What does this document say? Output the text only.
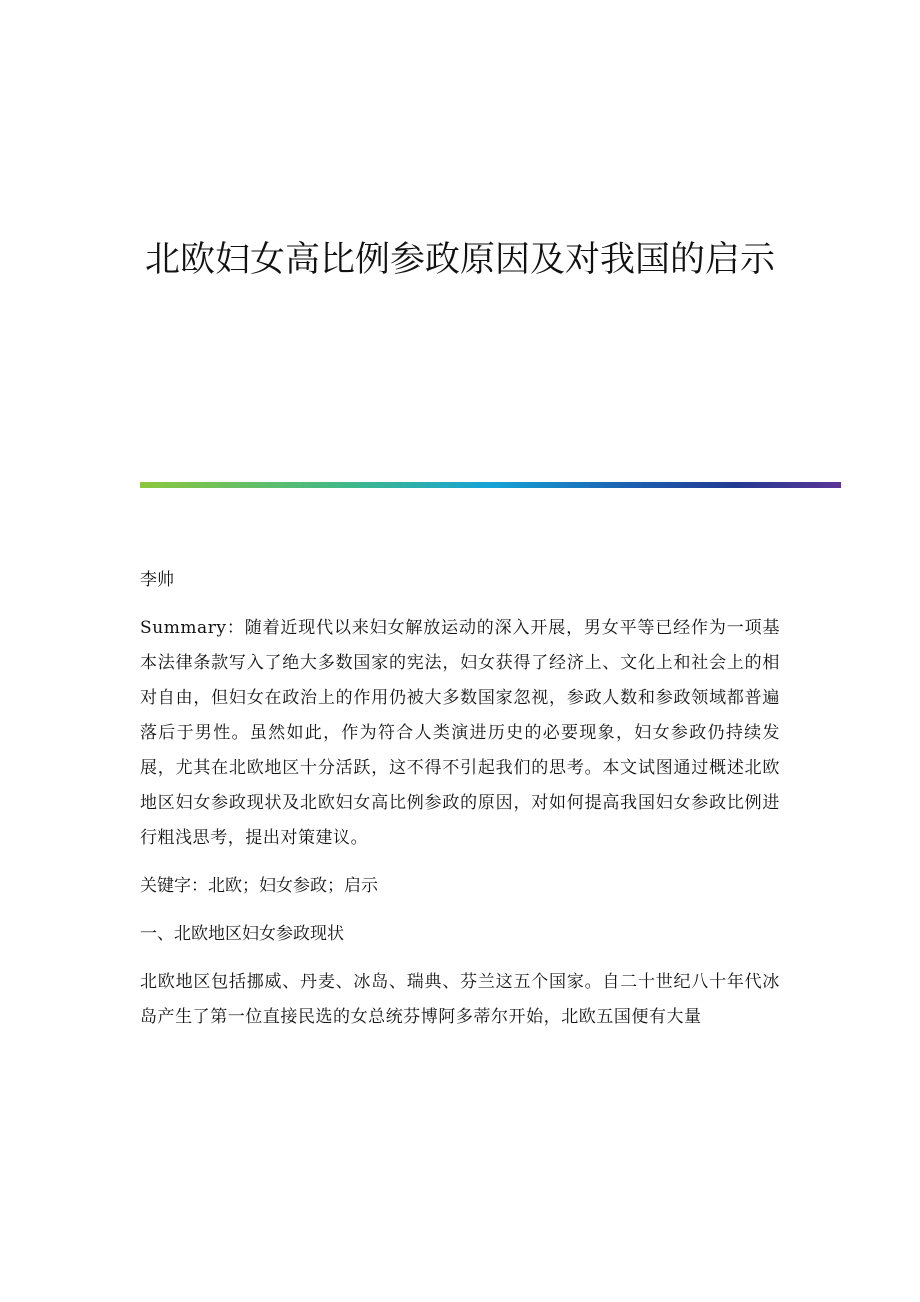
北欧妇女高比例参政原因及对我国的启示

李帅

Summary：随着近现代以来妇女解放运动的深入开展，男女平等已经作为一项基本法律条款写入了绝大多数国家的宪法，妇女获得了经济上、文化上和社会上的相对自由，但妇女在政治上的作用仍被大多数国家忽视，参政人数和参政领域都普遍落后于男性。虽然如此，作为符合人类演进历史的必要现象，妇女参政仍持续发展，尤其在北欧地区十分活跃，这不得不引起我们的思考。本文试图通过概述北欧地区妇女参政现状及北欧妇女高比例参政的原因，对如何提高我国妇女参政比例进行粗浅思考，提出对策建议。

关键字：北欧；妇女参政；启示

一、北欧地区妇女参政现状

北欧地区包括挪威、丹麦、冰岛、瑞典、芬兰这五个国家。自二十世纪八十年代冰岛产生了第一位直接民选的女总统芬博阿多蒂尔开始，北欧五国便有大量
